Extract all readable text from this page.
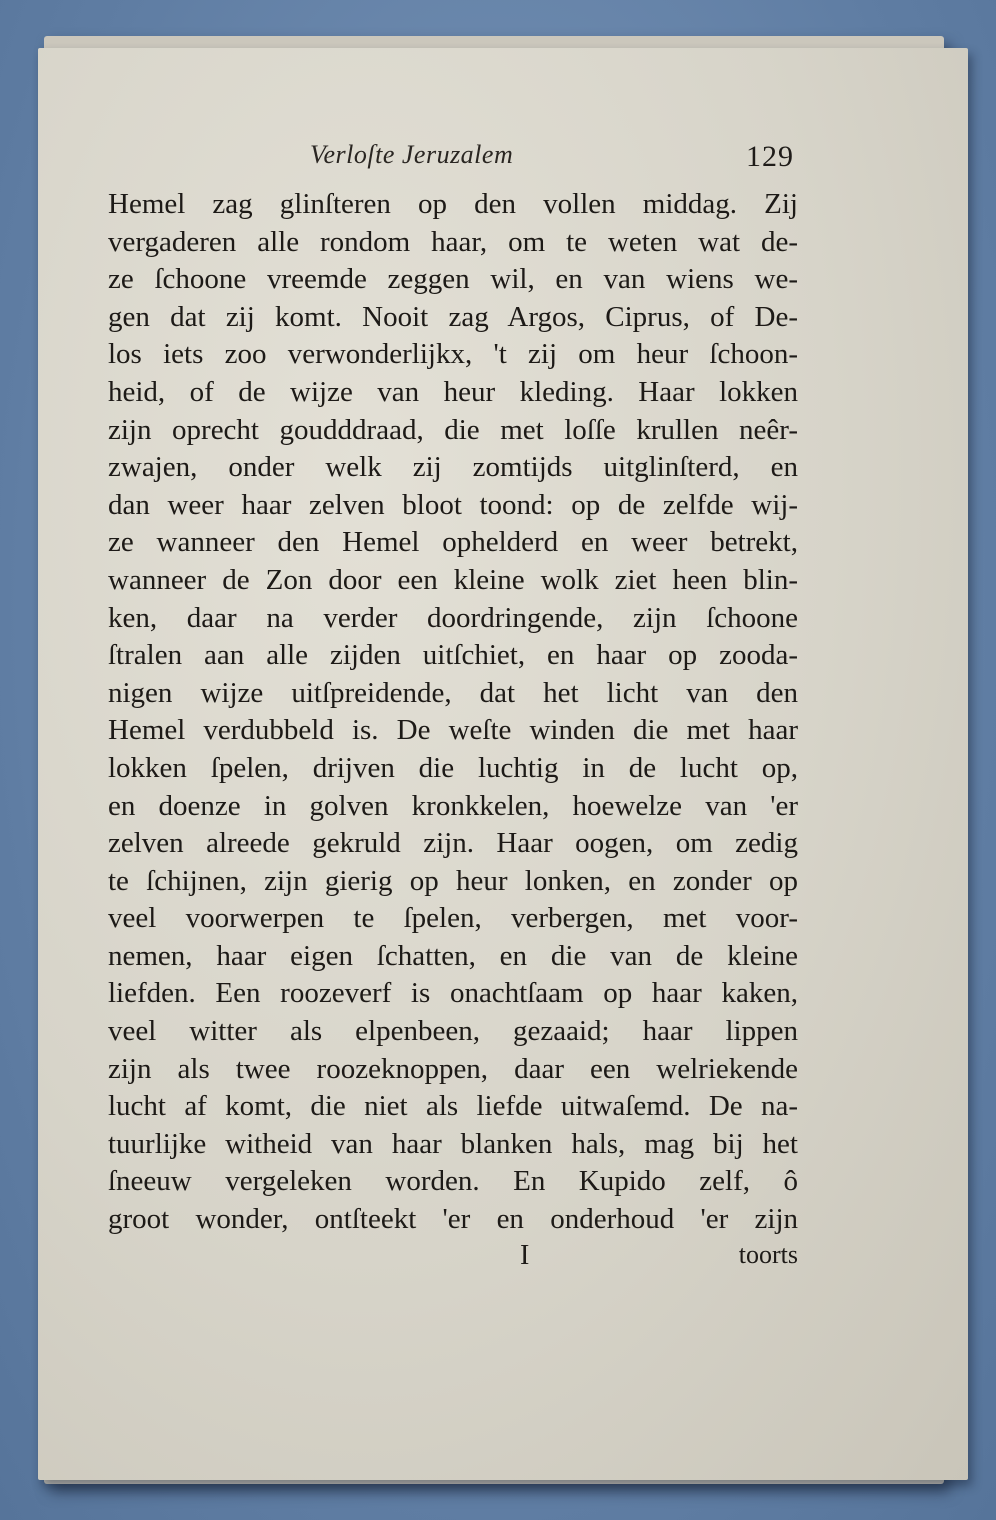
Verloſte Jeruzalem	129
Hemel zag glinſteren op den vollen middag. Zij
vergaderen alle rondom haar, om te weten wat de-
ze ſchoone vreemde zeggen wil, en van wiens we-
gen dat zij komt. Nooit zag Argos, Ciprus, of De-
los iets zoo verwonderlijkx, 't zij om heur ſchoon-
heid, of de wijze van heur kleding. Haar lokken
zijn oprecht goudddraad, die met loſſe krullen neêr-
zwajen, onder welk zij zomtijds uitglinſterd, en
dan weer haar zelven bloot toond: op de zelfde wij-
ze wanneer den Hemel ophelderd en weer betrekt,
wanneer de Zon door een kleine wolk ziet heen blin-
ken, daar na verder doordringende, zijn ſchoone
ſtralen aan alle zijden uitſchiet, en haar op zooda-
nigen wijze uitſpreidende, dat het licht van den
Hemel verdubbeld is. De weſte winden die met haar
lokken ſpelen, drijven die luchtig in de lucht op,
en doenze in golven kronkkelen, hoewelze van 'er
zelven alreede gekruld zijn. Haar oogen, om zedig
te ſchijnen, zijn gierig op heur lonken, en zonder op
veel voorwerpen te ſpelen, verbergen, met voor-
nemen, haar eigen ſchatten, en die van de kleine
liefden. Een roozeverf is onachtſaam op haar kaken,
veel witter als elpenbeen, gezaaid; haar lippen
zijn als twee roozeknoppen, daar een welriekende
lucht af komt, die niet als liefde uitwaſemd. De na-
tuurlijke witheid van haar blanken hals, mag bij het
ſneeuw vergeleken worden. En Kupido zelf, ô
groot wonder, ontſteekt 'er en onderhoud 'er zijn
I	toorts
